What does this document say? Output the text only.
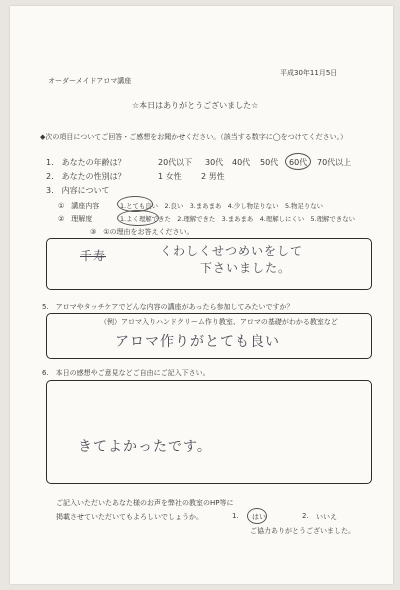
平成30年11月5日
オーダーメイドアロマ講座
☆本日はありがとうございました☆
◆次の項目についてご回答・ご感想をお聞かせください。（該当する数字に◯をつけてください。）
1.　あなたの年齢は？	20代以下 30代 40代 50代 60代 70代以上
2.　あなたの性別は？	1 女性 2 男性
3.　内容について
①　講座内容	1.とても良い　2.良い　3.まあまあ　4.少し物足りない　5.物足りない
②　理解度	1.よく理解できた　2.理解できた　3.まあまあ　4.理解しにくい　5.理解できない
③　①の理由をお答えください。
千寿	くわしくせつめいをして
下さいました。
5.　アロマやタッチケアでどんな内容の講座があったら参加してみたいですか？
（例）アロマ入りハンドクリーム作り教室、アロマの基礎がわかる教室など
アロマ作りがとても良い
6.　本日の感想やご意見などご自由にご記入下さい。
きてよかったです。
ご記入いただいたあなた様のお声を弊社の教室のHP等に
掲載させていただいてもよろしいでしょうか。	1. はい	2. いいえ
ご協力ありがとうございました。
